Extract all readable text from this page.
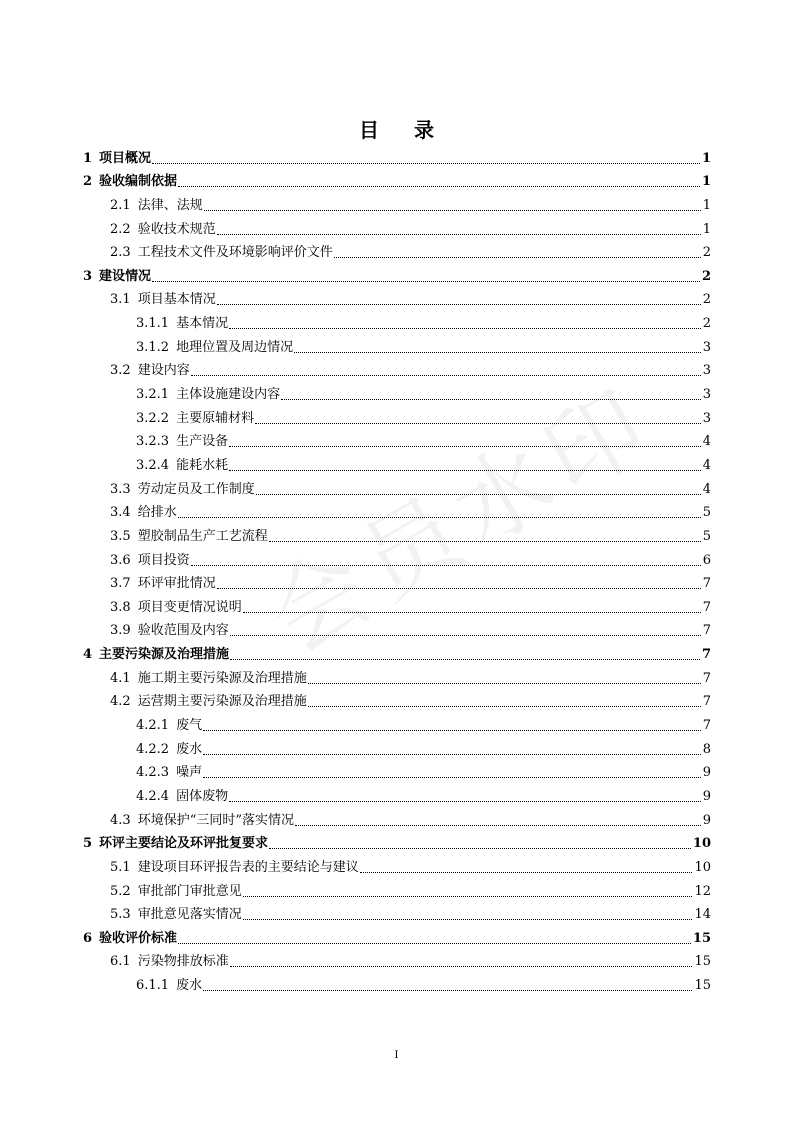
目 录
会员水印
1 项目概况	1
2 验收编制依据	1
2.1 法律、法规	1
2.2 验收技术规范	1
2.3 工程技术文件及环境影响评价文件	2
3 建设情况	2
3.1 项目基本情况	2
3.1.1 基本情况	2
3.1.2 地理位置及周边情况	3
3.2 建设内容	3
3.2.1 主体设施建设内容	3
3.2.2 主要原辅材料	3
3.2.3 生产设备	4
3.2.4 能耗水耗	4
3.3 劳动定员及工作制度	4
3.4 给排水	5
3.5 塑胶制品生产工艺流程	5
3.6 项目投资	6
3.7 环评审批情况	7
3.8 项目变更情况说明	7
3.9 验收范围及内容	7
4 主要污染源及治理措施	7
4.1 施工期主要污染源及治理措施	7
4.2 运营期主要污染源及治理措施	7
4.2.1 废气	7
4.2.2 废水	8
4.2.3 噪声	9
4.2.4 固体废物	9
4.3 环境保护“三同时”落实情况	9
5 环评主要结论及环评批复要求	10
5.1 建设项目环评报告表的主要结论与建议	10
5.2 审批部门审批意见	12
5.3 审批意见落实情况	14
6 验收评价标准	15
6.1 污染物排放标准	15
6.1.1 废水	15
I
